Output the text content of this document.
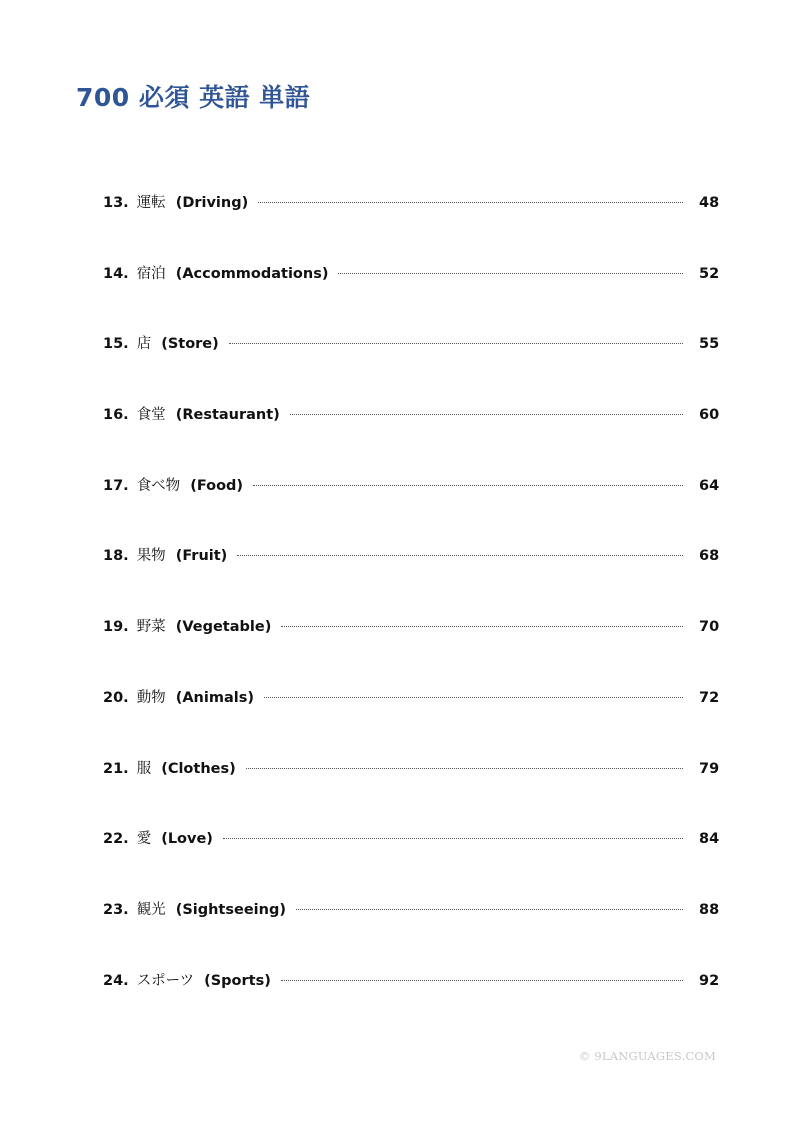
700 必須 英語 単語
13. 運転 (Driving)	48
14. 宿泊 (Accommodations)	52
15. 店 (Store)	55
16. 食堂 (Restaurant)	60
17. 食べ物 (Food)	64
18. 果物 (Fruit)	68
19. 野菜 (Vegetable)	70
20. 動物 (Animals)	72
21. 服 (Clothes)	79
22. 愛 (Love)	84
23. 観光 (Sightseeing)	88
24. スポーツ (Sports)	92
© 9LANGUAGES.COM
